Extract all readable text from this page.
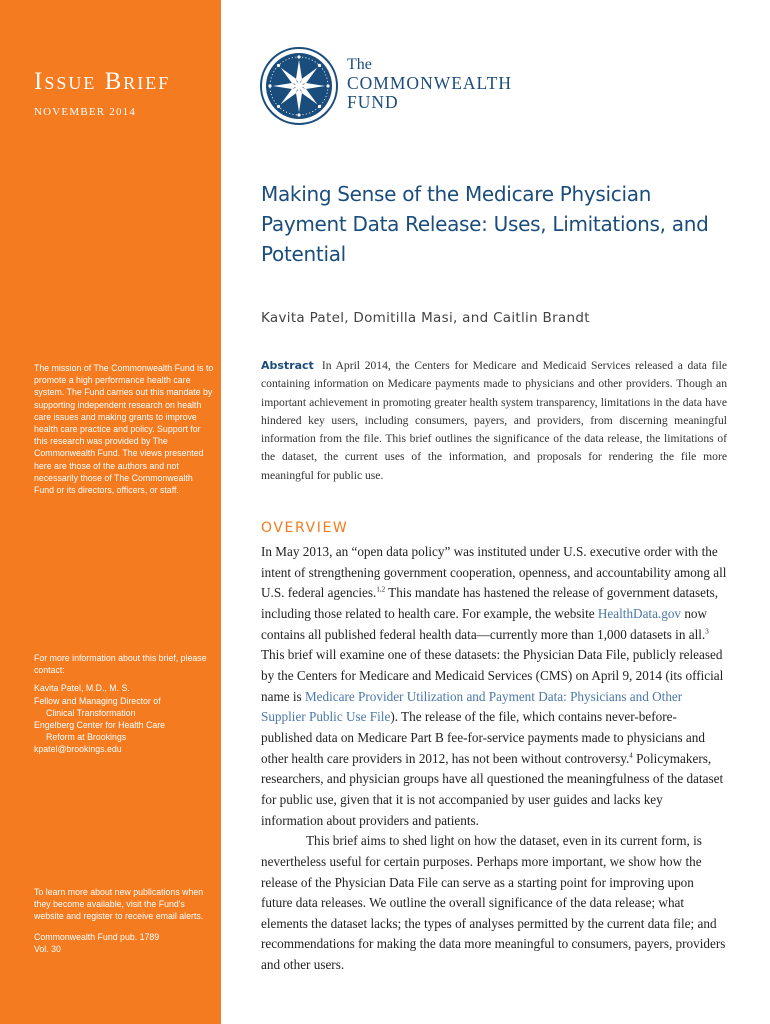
Issue Brief
NOVEMBER 2014

The mission of The Commonwealth Fund is to promote a high performance health care system. The Fund carries out this mandate by supporting independent research on health care issues and making grants to improve health care practice and policy. Support for this research was provided by The Commonwealth Fund. The views presented here are those of the authors and not necessarily those of The Commonwealth Fund or its directors, officers, or staff.

For more information about this brief, please contact:

Kavita Patel, M.D., M. S.

Fellow and Managing Director of

Clinical Transformation

Engelberg Center for Health Care

Reform at Brookings

kpatel@brookings.edu

To learn more about new publications when they become available, visit the Fund's website and register to receive email alerts.

Commonwealth Fund pub. 1789

Vol. 30

The
COMMONWEALTH
FUND
Making Sense of the Medicare Physician Payment Data Release: Uses, Limitations, and Potential
Kavita Patel, Domitilla Masi, and Caitlin Brandt

Abstract In April 2014, the Centers for Medicare and Medicaid Services released a data file containing information on Medicare payments made to physicians and other providers. Though an important achievement in promoting greater health system transparency, limitations in the data have hindered key users, including consumers, payers, and providers, from discerning meaningful information from the file. This brief outlines the significance of the data release, the limitations of the dataset, the current uses of the information, and proposals for rendering the file more meaningful for public use.

OVERVIEW

In May 2013, an “open data policy” was instituted under U.S. executive order with the intent of strengthening government cooperation, openness, and accountability among all U.S. federal agencies.$^{1,2}$ This mandate has hastened the release of government datasets, including those related to health care. For example, the website HealthData.gov now contains all published federal health data—currently more than 1,000 datasets in all.$^3$ This brief will examine one of these datasets: the Physician Data File, publicly released by the Centers for Medicare and Medicaid Services (CMS) on April 9, 2014 (its official name is Medicare Provider Utilization and Payment Data: Physicians and Other Supplier Public Use File). The release of the file, which contains never-before-published data on Medicare Part B fee-for-service payments made to physicians and other health care providers in 2012, has not been without controversy.$^4$ Policymakers, researchers, and physician groups have all questioned the meaningfulness of the dataset for public use, given that it is not accompanied by user guides and lacks key information about providers and patients.

This brief aims to shed light on how the dataset, even in its current form, is nevertheless useful for certain purposes. Perhaps more important, we show how the release of the Physician Data File can serve as a starting point for improving upon future data releases. We outline the overall significance of the data release; what elements the dataset lacks; the types of analyses permitted by the current data file; and recommendations for making the data more meaningful to consumers, payers, providers and other users.
